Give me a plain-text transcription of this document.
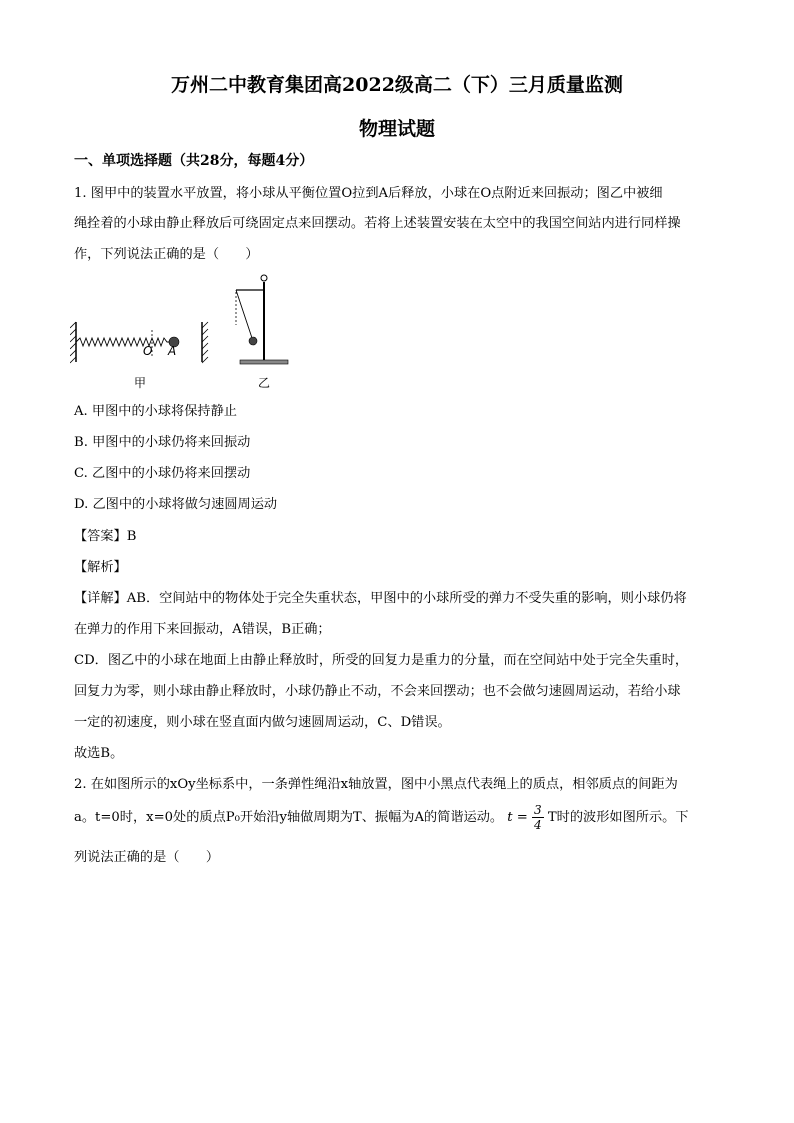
万州二中教育集团高2022级高二（下）三月质量监测
物理试题
一、单项选择题（共28分，每题4分）
1. 图甲中的装置水平放置，将小球从平衡位置O拉到A后释放，小球在O点附近来回振动；图乙中被细
绳拴着的小球由静止释放后可绕固定点来回摆动。若将上述装置安装在太空中的我国空间站内进行同样操
作，下列说法正确的是（　　）
O A
甲	乙
A. 甲图中的小球将保持静止
B. 甲图中的小球仍将来回振动
C. 乙图中的小球仍将来回摆动
D. 乙图中的小球将做匀速圆周运动
【答案】B
【解析】
【详解】AB．空间站中的物体处于完全失重状态，甲图中的小球所受的弹力不受失重的影响，则小球仍将
在弹力的作用下来回振动，A错误，B正确；
CD．图乙中的小球在地面上由静止释放时，所受的回复力是重力的分量，而在空间站中处于完全失重时，
回复力为零，则小球由静止释放时，小球仍静止不动，不会来回摆动；也不会做匀速圆周运动，若给小球
一定的初速度，则小球在竖直面内做匀速圆周运动，C、D错误。
故选B。
2. 在如图所示的xOy坐标系中，一条弹性绳沿x轴放置，图中小黑点代表绳上的质点，相邻质点的间距为
a。t=0时，x=0处的质点P₀开始沿y轴做周期为T、振幅为A的简谐运动。 $t = \frac{3}{4}$ T时的波形如图所示。下
列说法正确的是（　　）
